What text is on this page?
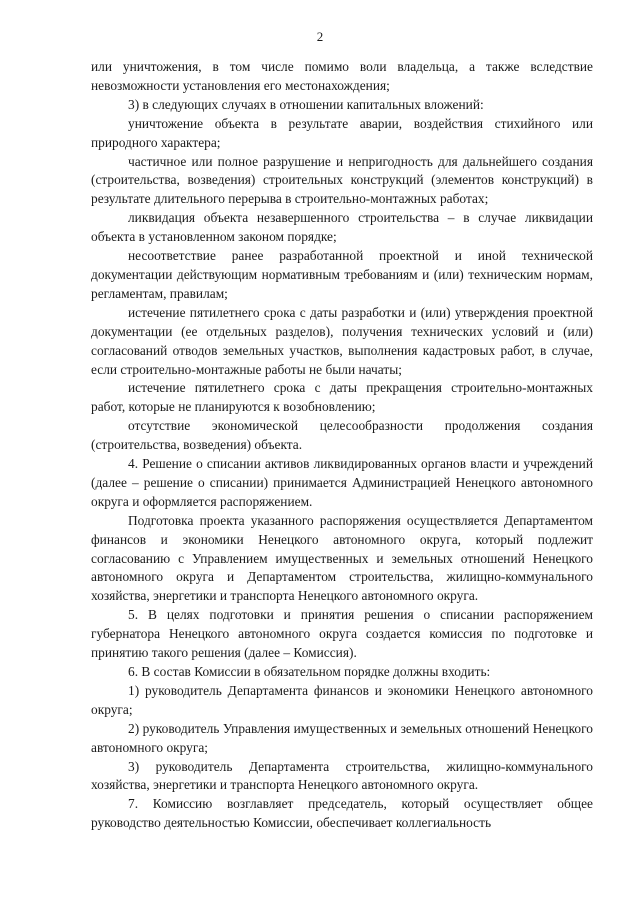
2

или уничтожения, в том числе помимо воли владельца, а также вследствие невозможности установления его местонахождения;

3) в следующих случаях в отношении капитальных вложений:

уничтожение объекта в результате аварии, воздействия стихийного или природного характера;

частичное или полное разрушение и непригодность для дальнейшего создания (строительства, возведения) строительных конструкций (элементов конструкций) в результате длительного перерыва в строительно-монтажных работах;

ликвидация объекта незавершенного строительства – в случае ликвидации объекта в установленном законом порядке;

несоответствие ранее разработанной проектной и иной технической документации действующим нормативным требованиям и (или) техническим нормам, регламентам, правилам;

истечение пятилетнего срока с даты разработки и (или) утверждения проектной документации (ее отдельных разделов), получения технических условий и (или) согласований отводов земельных участков, выполнения кадастровых работ, в случае, если строительно-монтажные работы не были начаты;

истечение пятилетнего срока с даты прекращения строительно-монтажных работ, которые не планируются к возобновлению;

отсутствие экономической целесообразности продолжения создания (строительства, возведения) объекта.

4. Решение о списании активов ликвидированных органов власти и учреждений (далее – решение о списании) принимается Администрацией Ненецкого автономного округа и оформляется распоряжением.

Подготовка проекта указанного распоряжения осуществляется Департаментом финансов и экономики Ненецкого автономного округа, который подлежит согласованию с Управлением имущественных и земельных отношений Ненецкого автономного округа и Департаментом строительства, жилищно-коммунального хозяйства, энергетики и транспорта Ненецкого автономного округа.

5. В целях подготовки и принятия решения о списании распоряжением губернатора Ненецкого автономного округа создается комиссия по подготовке и принятию такого решения (далее – Комиссия).

6. В состав Комиссии в обязательном порядке должны входить:

1) руководитель Департамента финансов и экономики Ненецкого автономного округа;

2) руководитель Управления имущественных и земельных отношений Ненецкого автономного округа;

3) руководитель Департамента строительства, жилищно-коммунального хозяйства, энергетики и транспорта Ненецкого автономного округа.

7. Комиссию возглавляет председатель, который осуществляет общее руководство деятельностью Комиссии, обеспечивает коллегиальность
